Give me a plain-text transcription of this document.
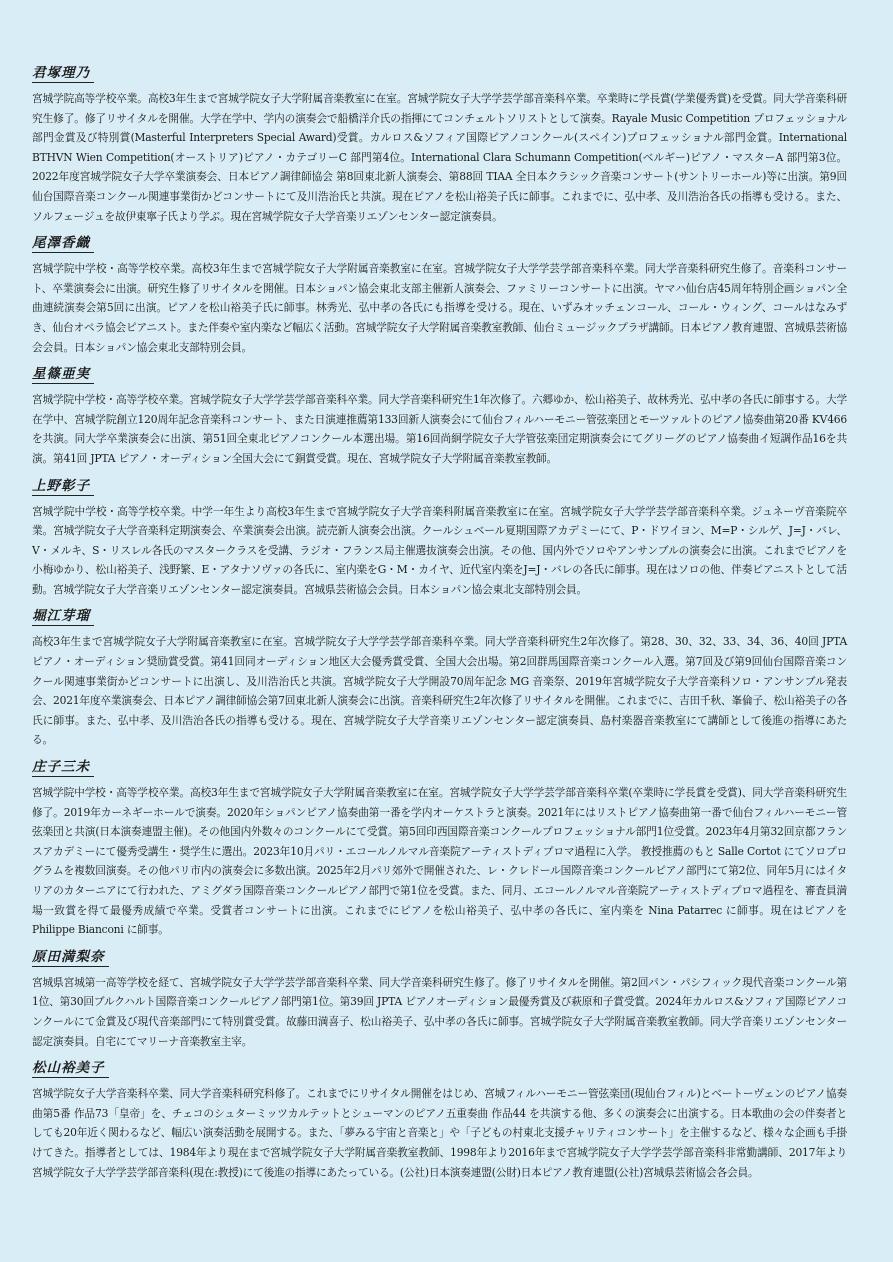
君塚理乃

宮城学院高等学校卒業。高校3年生まで宮城学院女子大学附属音楽教室に在室。宮城学院女子大学学芸学部音楽科卒業。卒業時に学長賞(学業優秀賞)を受賞。同大学音楽科研究生修了。修了リサイタルを開催。大学在学中、学内の演奏会で船橋洋介氏の指揮にてコンチェルトソリストとして演奏。Rayale Music Competition プロフェッショナル部門金賞及び特別賞(Masterful Interpreters Special Award)受賞。カルロス&ソフィア国際ピアノコンクール(スペイン)プロフェッショナル部門金賞。International BTHVN Wien Competition(オーストリア)ピアノ・カテゴリーC 部門第4位。International Clara Schumann Competition(ベルギー)ピアノ・マスターA 部門第3位。2022年度宮城学院女子大学卒業演奏会、日本ピアノ調律師協会 第8回東北新人演奏会、第88回 TIAA 全日本クラシック音楽コンサート(サントリーホール)等に出演。第9回仙台国際音楽コンクール関連事業街かどコンサートにて及川浩治氏と共演。現在ピアノを松山裕美子氏に師事。これまでに、弘中孝、及川浩治各氏の指導も受ける。また、ソルフェージュを故伊東寧子氏より学ぶ。現在宮城学院女子大学音楽リエゾンセンター認定演奏員。

尾澤香織

宮城学院中学校・高等学校卒業。高校3年生まで宮城学院女子大学附属音楽教室に在室。宮城学院女子大学学芸学部音楽科卒業。同大学音楽科研究生修了。音楽科コンサート、卒業演奏会に出演。研究生修了リサイタルを開催。日本ショパン協会東北支部主催新人演奏会、ファミリーコンサートに出演。ヤマハ仙台店45周年特別企画ショパン全曲連続演奏会第5回に出演。ピアノを松山裕美子氏に師事。林秀光、弘中孝の各氏にも指導を受ける。現在、いずみオッチェンコール、コール・ウィング、コールはなみずき、仙台オペラ協会ピアニスト。また伴奏や室内楽など幅広く活動。宮城学院女子大学附属音楽教室教師、仙台ミュージックプラザ講師。日本ピアノ教育連盟、宮城県芸術協会会員。日本ショパン協会東北支部特別会員。

星篠亜実

宮城学院中学校・高等学校卒業。宮城学院女子大学学芸学部音楽科卒業。同大学音楽科研究生1年次修了。六郷ゆか、松山裕美子、故林秀光、弘中孝の各氏に師事する。大学在学中、宮城学院創立120周年記念音楽科コンサート、また日演連推薦第133回新人演奏会にて仙台フィルハーモニー管弦楽団とモーツァルトのピアノ協奏曲第20番 KV466を共演。同大学卒業演奏会に出演、第51回全東北ピアノコンクール本選出場。第16回尚絅学院女子大学管弦楽団定期演奏会にてグリーグのピアノ協奏曲イ短調作品16を共演。第41回 JPTA ピアノ・オーディション全国大会にて銅賞受賞。現在、宮城学院女子大学附属音楽教室教師。

上野彰子

宮城学院中学校・高等学校卒業。中学一年生より高校3年生まで宮城学院女子大学音楽科附属音楽教室に在室。宮城学院女子大学学芸学部音楽科卒業。ジュネーヴ音楽院卒業。宮城学院女子大学音楽科定期演奏会、卒業演奏会出演。読売新人演奏会出演。クールシュベール夏期国際アカデミーにて、P・ドワイヨン、M=P・シルゲ、J=J・バレ、V・メルキ、S・リスレル各氏のマスタークラスを受講、ラジオ・フランス局主催選抜演奏会出演。その他、国内外でソロやアンサンブルの演奏会に出演。これまでピアノを小梅ゆかり、松山裕美子、浅野繁、E・アタナソヴァの各氏に、室内楽をG・M・カイヤ、近代室内楽をJ=J・バレの各氏に師事。現在はソロの他、伴奏ピアニストとして活動。宮城学院女子大学音楽リエゾンセンター認定演奏員。宮城県芸術協会会員。日本ショパン協会東北支部特別会員。

堀江芽瑠

高校3年生まで宮城学院女子大学附属音楽教室に在室。宮城学院女子大学学芸学部音楽科卒業。同大学音楽科研究生2年次修了。第28、30、32、33、34、36、40回 JPTA ピアノ・オーディション奨励賞受賞。第41回同オーディション地区大会優秀賞受賞、全国大会出場。第2回群馬国際音楽コンクール入選。第7回及び第9回仙台国際音楽コンクール関連事業街かどコンサートに出演し、及川浩治氏と共演。宮城学院女子大学開設70周年記念 MG 音楽祭、2019年宮城学院女子大学音楽科ソロ・アンサンブル発表会、2021年度卒業演奏会、日本ピアノ調律師協会第7回東北新人演奏会に出演。音楽科研究生2年次修了リサイタルを開催。これまでに、吉田千秋、峯倫子、松山裕美子の各氏に師事。また、弘中孝、及川浩治各氏の指導も受ける。現在、宮城学院女子大学音楽リエゾンセンター認定演奏員、島村楽器音楽教室にて講師として後進の指導にあたる。

庄子三未

宮城学院中学校・高等学校卒業。高校3年生まで宮城学院女子大学附属音楽教室に在室。宮城学院女子大学学芸学部音楽科卒業(卒業時に学長賞を受賞)、同大学音楽科研究生修了。2019年カーネギーホールで演奏。2020年ショパンピアノ協奏曲第一番を学内オーケストラと演奏。2021年にはリストピアノ協奏曲第一番で仙台フィルハーモニー管弦楽団と共演(日本演奏連盟主催)。その他国内外数々のコンクールにて受賞。第5回印西国際音楽コンクールプロフェッショナル部門1位受賞。2023年4月第32回京都フランスアカデミーにて優秀受講生・奨学生に選出。2023年10月パリ・エコールノルマル音楽院アーティストディプロマ過程に入学。 教授推薦のもと Salle Cortot にてソロプログラムを複数回演奏。その他パリ市内の演奏会に多数出演。2025年2月パリ郊外で開催された、レ・クレドール国際音楽コンクールピアノ部門にて第2位、同年5月にはイタリアのカターニアにて行われた、アミグダラ国際音楽コンクールピアノ部門で第1位を受賞。また、同月、エコールノルマル音楽院アーティストディプロマ過程を、審査員満場一致賞を得て最優秀成績で卒業。受賞者コンサートに出演。これまでにピアノを松山裕美子、弘中孝の各氏に、室内楽を Nina Patarrec に師事。現在はピアノを Philippe Bianconi に師事。

原田満梨奈

宮城県宮城第一高等学校を経て、宮城学院女子大学学芸学部音楽科卒業、同大学音楽科研究生修了。修了リサイタルを開催。第2回パン・パシフィック現代音楽コンクール第1位、第30回ブルクハルト国際音楽コンクールピアノ部門第1位。第39回 JPTA ピアノオーディション最優秀賞及び萩原和子賞受賞。2024年カルロス&ソフィア国際ピアノコンクールにて金賞及び現代音楽部門にて特別賞受賞。故藤田満喜子、松山裕美子、弘中孝の各氏に師事。宮城学院女子大学附属音楽教室教師。同大学音楽リエゾンセンター認定演奏員。自宅にてマリーナ音楽教室主宰。

松山裕美子

宮城学院女子大学音楽科卒業、同大学音楽科研究科修了。これまでにリサイタル開催をはじめ、宮城フィルハーモニー管弦楽団(現仙台フィル)とベートーヴェンのピアノ協奏曲第5番 作品73「皇帝」を、チェコのシュターミッツカルテットとシューマンのピアノ五重奏曲 作品44 を共演する他、多くの演奏会に出演する。日本歌曲の会の伴奏者としても20年近く関わるなど、幅広い演奏活動を展開する。また、「夢みる宇宙と音楽と」や「子どもの村東北支援チャリティコンサート」を主催するなど、様々な企画も手掛けてきた。指導者としては、1984年より現在まで宮城学院女子大学附属音楽教室教師、1998年より2016年まで宮城学院女子大学学芸学部音楽科非常勤講師、2017年より宮城学院女子大学学芸学部音楽科(現在:教授)にて後進の指導にあたっている。(公社)日本演奏連盟(公財)日本ピアノ教育連盟(公社)宮城県芸術協会各会員。
